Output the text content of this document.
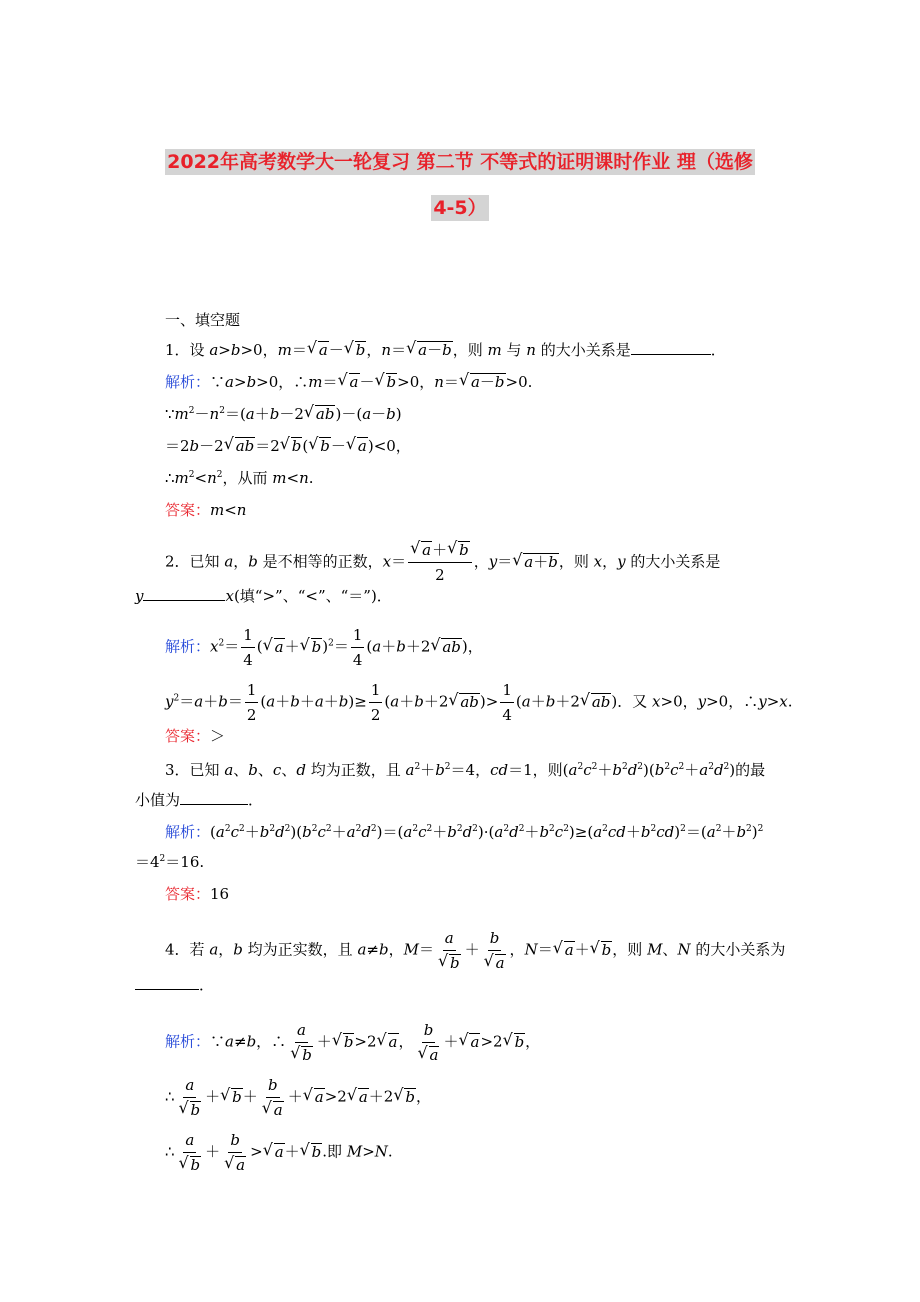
2022年高考数学大一轮复习 第二节 不等式的证明课时作业 理（选修
4-5）
一、填空题
1．设 a>b>0，m＝√ a－√ b，n＝√ a－b，则 m 与 n 的大小关系是	．
解析：∵a>b>0，∴m＝√ a－√ b>0，n＝√ a－b>0.
$\because m^2-n^2=(a+b-2√$ ab)－(a－b)
＝2b－2√ ab＝2√ b(√ b－√ a)<0，
$\therefore m^2<n^2$，从而 m<n.
答案：m<n
2．已知 a，b 是不相等的正数，x＝
√ $\frac{a+√ b}{2}$ ，y＝√ a＋b，则 x，y 的大小关系是
y	x(填“>”、“<”、“＝”)．
解析：$x^2= \frac{1}{4}$ (√ a＋√ $b)^2= \frac{1}{4} (a+b+2√$ ab)，
$y^2=a+b= \frac{1}{2} (a+b+a+b)\ge \frac{1}{2} (a+b+2√$ $ab)> \frac{1}{4} (a+b+2√$ ab)．又 x>0，y>0，∴y>x.
答案：＞
3．已知 a、b、c、d 均为正数，且 $a^2+b^2=4$，cd＝1，则$(a^2c^2+b^2d^2)(b^2c^2+a^2d^2)$的最
小值为	．
解析：$(a^2c^2+b^2d^2)(b^2c^2+a^2d^2)=(a^2c^2+b^2d^2)\cdot(a^2d^2+b^2c^2)\ge(a^2cd+b^2cd)^2=(a^2+b^2)^2$
$=4^2=16$.
答案：16
4．若 a，b 均为正实数，且 a≠b，M＝ a
√ b ＋ b
√ a ，N＝√ a＋√ b，则 M、N 的大小关系为
．
解析：∵a≠b，∴ a
√ b ＋√ b>2√ a， b
√ a ＋√ a>2√ b，
∴ a
√ b ＋√ b＋ b
√ a ＋√ a>2√ a＋2√ b，
∴ a
√ b ＋ b
√ a >√ a＋√ b.即 M>N.
